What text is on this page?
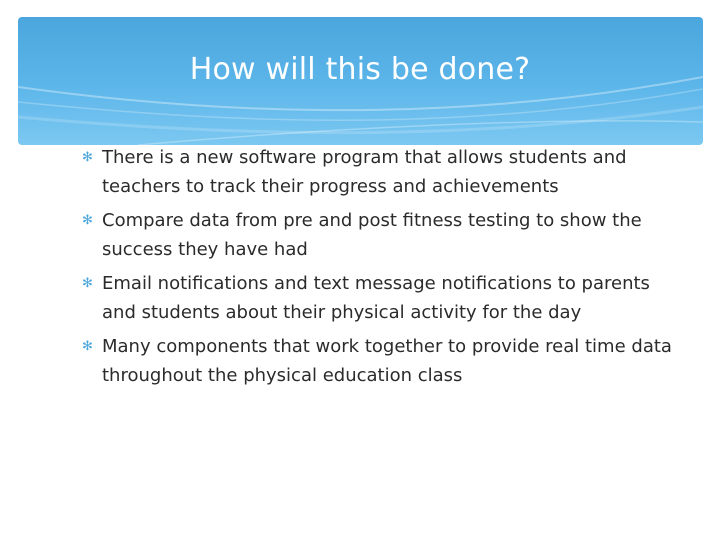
How will this be done?
✻ There is a new software program that allows students and teachers to track their progress and achievements
✻ Compare data from pre and post fitness testing to show the success they have had
✻ Email notifications and text message notifications to parents and students about their physical activity for the day
✻ Many components that work together to provide real time data throughout the physical education class
